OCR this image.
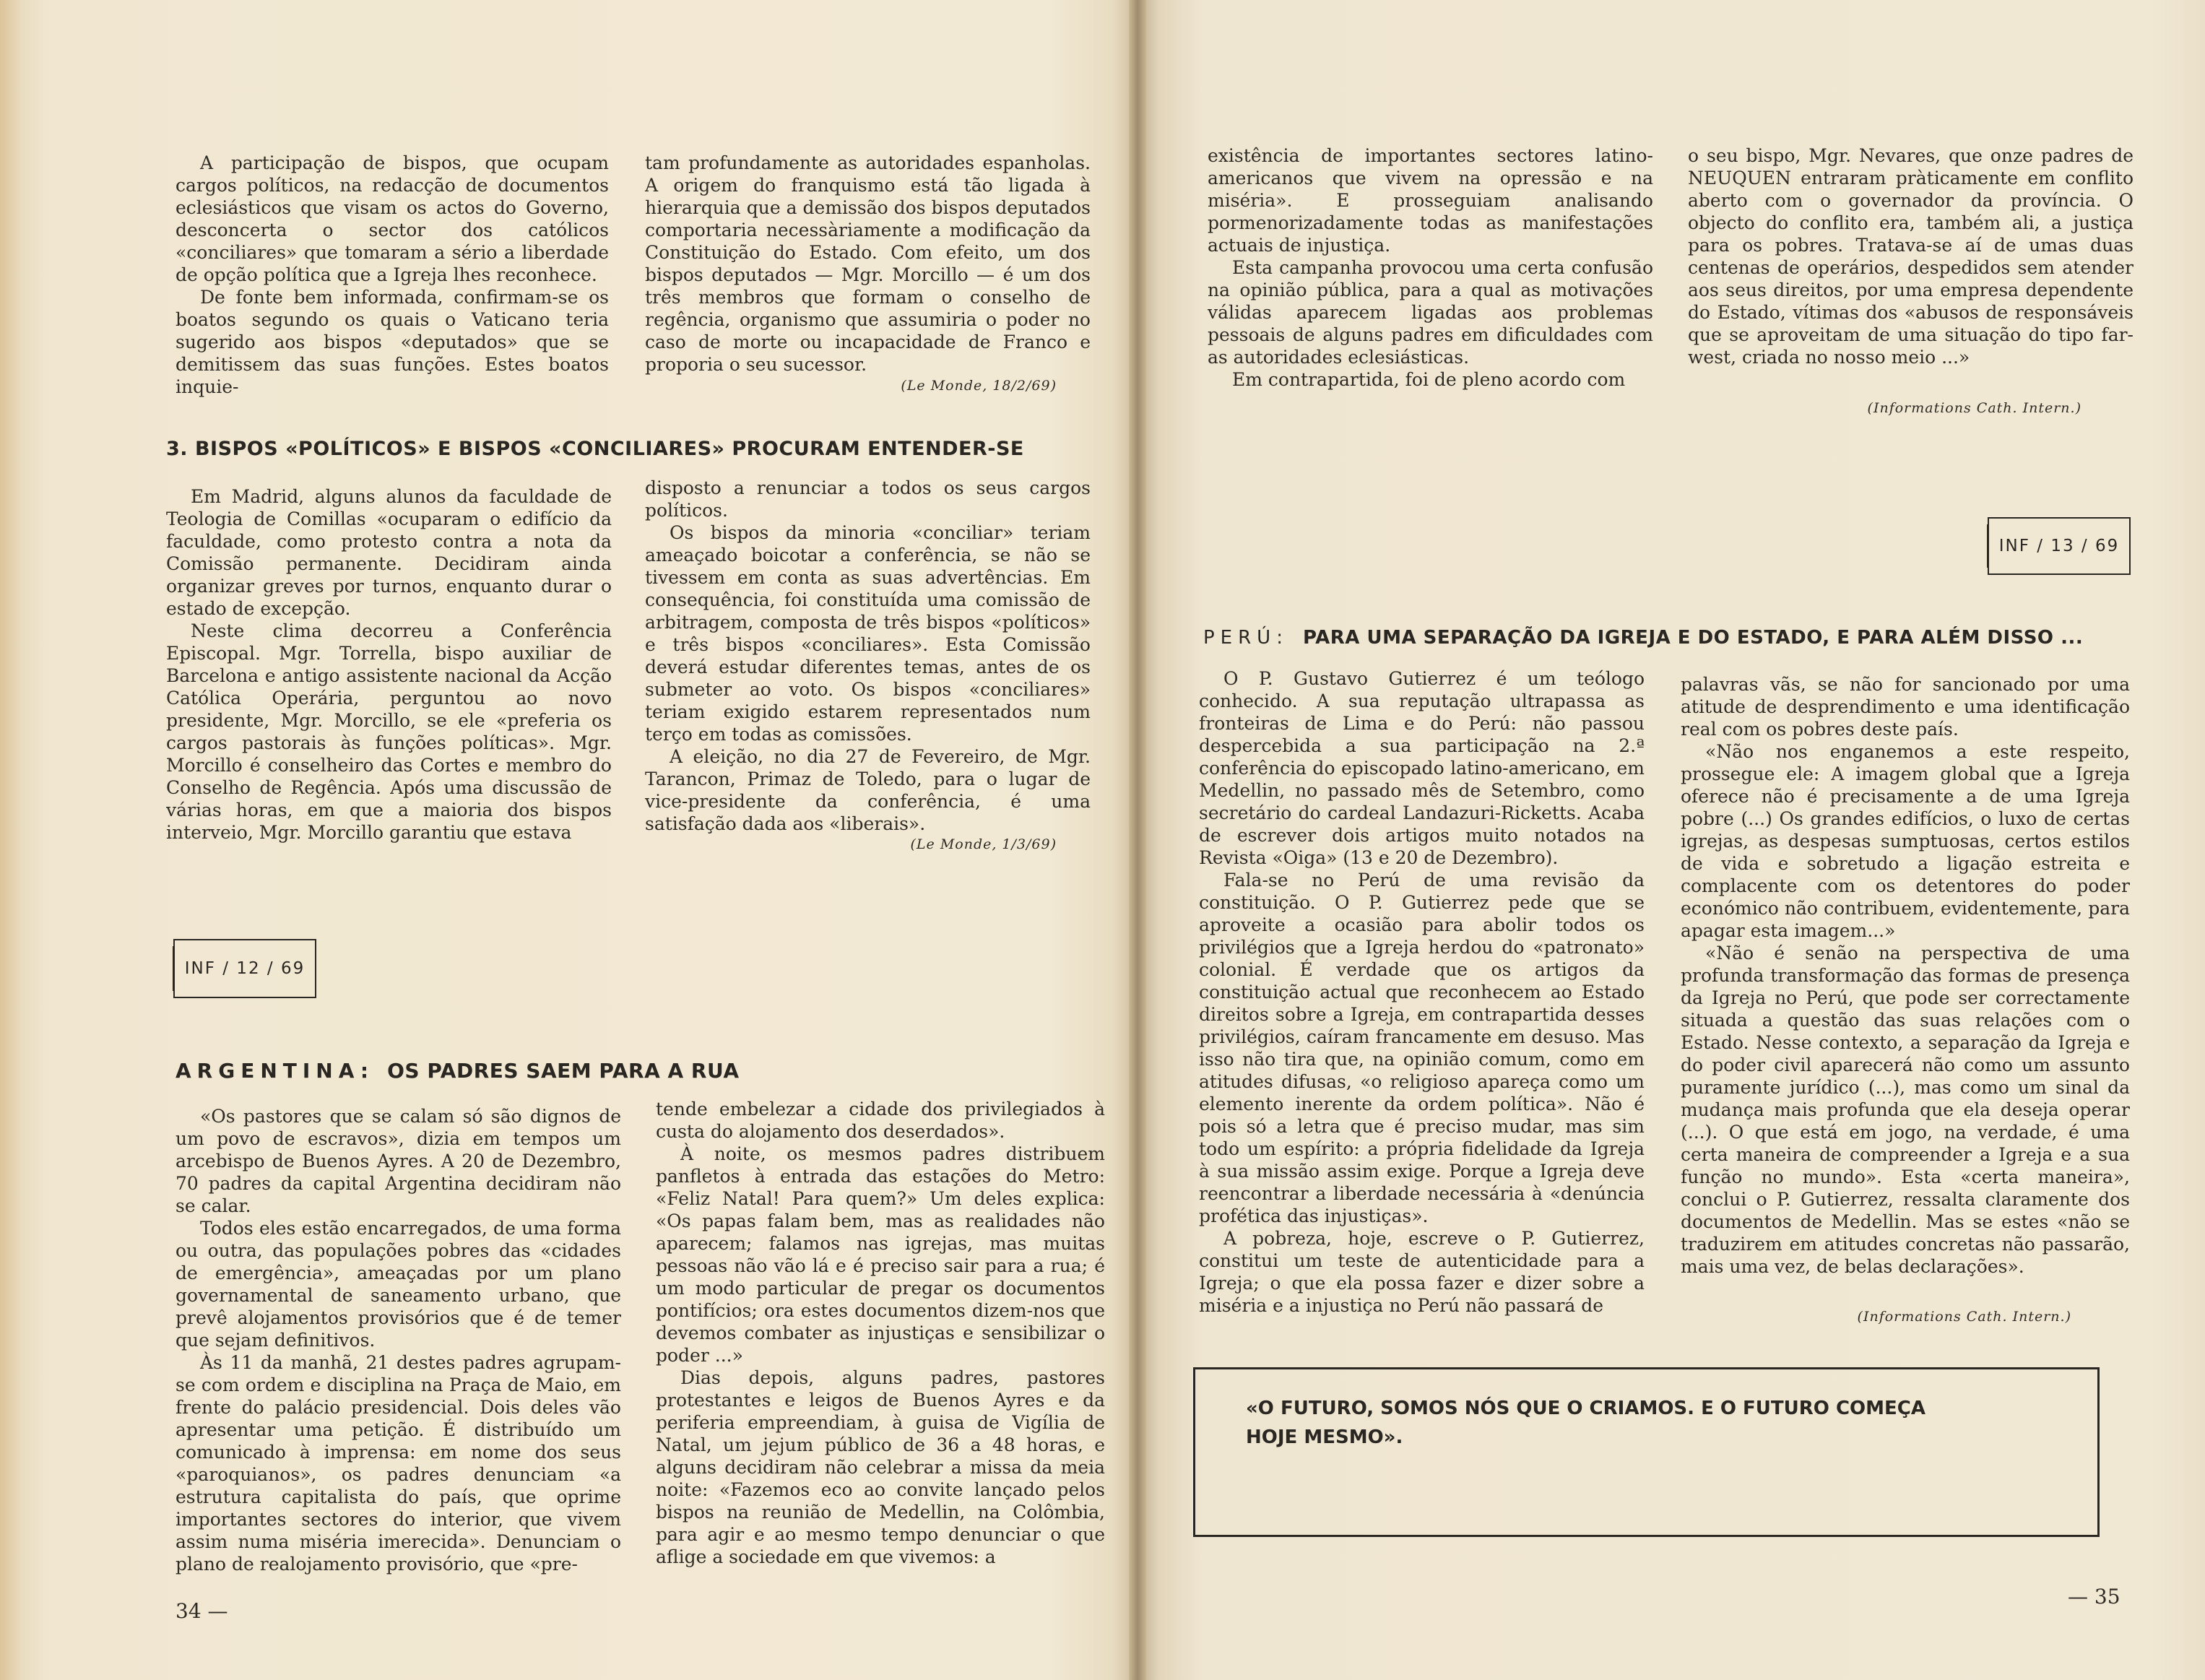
A participação de bispos, que ocupam cargos políticos, na redacção de documentos eclesiásticos que visam os actos do Governo, desconcerta o sector dos católicos «conciliares» que tomaram a sério a liberdade de opção política que a Igreja lhes reconhece.

De fonte bem informada, confirmam-se os boatos segundo os quais o Vaticano teria sugerido aos bispos «deputados» que se demitissem das suas funções. Estes boatos inquie-

tam profundamente as autoridades espanholas. A origem do franquismo está tão ligada à hierarquia que a demissão dos bispos deputados comportaria necessàriamente a modificação da Constituição do Estado. Com efeito, um dos bispos deputados — Mgr. Morcillo — é um dos três membros que formam o conselho de regência, organismo que assumiria o poder no caso de morte ou incapacidade de Franco e proporia o seu sucessor.

(Le Monde, 18/2/69)
3. BISPOS «POLÍTICOS» E BISPOS «CONCILIARES» PROCURAM ENTENDER-SE

Em Madrid, alguns alunos da faculdade de Teologia de Comillas «ocuparam o edifício da faculdade, como protesto contra a nota da Comissão permanente. Decidiram ainda organizar greves por turnos, enquanto durar o estado de excepção.

Neste clima decorreu a Conferência Episcopal. Mgr. Torrella, bispo auxiliar de Barcelona e antigo assistente nacional da Acção Católica Operária, perguntou ao novo presidente, Mgr. Morcillo, se ele «preferia os cargos pastorais às funções políticas». Mgr. Morcillo é conselheiro das Cortes e membro do Conselho de Regência. Após uma discussão de várias horas, em que a maioria dos bispos interveio, Mgr. Morcillo garantiu que estava

disposto a renunciar a todos os seus cargos políticos.

Os bispos da minoria «conciliar» teriam ameaçado boicotar a conferência, se não se tivessem em conta as suas advertências. Em consequência, foi constituída uma comissão de arbitragem, composta de três bispos «políticos» e três bispos «conciliares». Esta Comissão deverá estudar diferentes temas, antes de os submeter ao voto. Os bispos «conciliares» teriam exigido estarem representados num terço em todas as comissões.

A eleição, no dia 27 de Fevereiro, de Mgr. Tarancon, Primaz de Toledo, para o lugar de vice-presidente da conferência, é uma satisfação dada aos «liberais».

(Le Monde, 1/3/69)
INF / 12 / 69
ARGENTINA: OS PADRES SAEM PARA A RUA

«Os pastores que se calam só são dignos de um povo de escravos», dizia em tempos um arcebispo de Buenos Ayres. A 20 de Dezembro, 70 padres da capital Argentina decidiram não se calar.

Todos eles estão encarregados, de uma forma ou outra, das populações pobres das «cidades de emergência», ameaçadas por um plano governamental de saneamento urbano, que prevê alojamentos provisórios que é de temer que sejam definitivos.

Às 11 da manhã, 21 destes padres agrupam-se com ordem e disciplina na Praça de Maio, em frente do palácio presidencial. Dois deles vão apresentar uma petição. É distribuído um comunicado à imprensa: em nome dos seus «paroquianos», os padres denunciam «a estrutura capitalista do país, que oprime importantes sectores do interior, que vivem assim numa miséria imerecida». Denunciam o plano de realojamento provisório, que «pre-

tende embelezar a cidade dos privilegiados à custa do alojamento dos deserdados».

À noite, os mesmos padres distribuem panfletos à entrada das estações do Metro: «Feliz Natal! Para quem?» Um deles explica: «Os papas falam bem, mas as realidades não aparecem; falamos nas igrejas, mas muitas pessoas não vão lá e é preciso sair para a rua; é um modo particular de pregar os documentos pontifícios; ora estes documentos dizem-nos que devemos combater as injustiças e sensibilizar o poder ...»

Dias depois, alguns padres, pastores protestantes e leigos de Buenos Ayres e da periferia empreendiam, à guisa de Vigília de Natal, um jejum público de 36 a 48 horas, e alguns decidiram não celebrar a missa da meia noite: «Fazemos eco ao convite lançado pelos bispos na reunião de Medellin, na Colômbia, para agir e ao mesmo tempo denunciar o que aflige a sociedade em que vivemos: a

34 —

existência de importantes sectores latino-americanos que vivem na opressão e na miséria». E prosseguiam analisando pormenorizadamente todas as manifestações actuais de injustiça.

Esta campanha provocou uma certa confusão na opinião pública, para a qual as motivações válidas aparecem ligadas aos problemas pessoais de alguns padres em dificuldades com as autoridades eclesiásticas.

Em contrapartida, foi de pleno acordo com

o seu bispo, Mgr. Nevares, que onze padres de NEUQUEN entraram pràticamente em conflito aberto com o governador da província. O objecto do conflito era, também ali, a justiça para os pobres. Tratava-se aí de umas duas centenas de operários, despedidos sem atender aos seus direitos, por uma empresa dependente do Estado, vítimas dos «abusos de responsáveis que se aproveitam de uma situação do tipo far-west, criada no nosso meio ...»

(Informations Cath. Intern.)
INF / 13 / 69
PERÚ: PARA UMA SEPARAÇÃO DA IGREJA E DO ESTADO, E PARA ALÉM DISSO ...

O P. Gustavo Gutierrez é um teólogo conhecido. A sua reputação ultrapassa as fronteiras de Lima e do Perú: não passou despercebida a sua participação na 2.ª conferência do episcopado latino-americano, em Medellin, no passado mês de Setembro, como secretário do cardeal Landazuri-Ricketts. Acaba de escrever dois artigos muito notados na Revista «Oiga» (13 e 20 de Dezembro).

Fala-se no Perú de uma revisão da constituição. O P. Gutierrez pede que se aproveite a ocasião para abolir todos os privilégios que a Igreja herdou do «patronato» colonial. É verdade que os artigos da constituição actual que reconhecem ao Estado direitos sobre a Igreja, em contrapartida desses privilégios, caíram francamente em desuso. Mas isso não tira que, na opinião comum, como em atitudes difusas, «o religioso apareça como um elemento inerente da ordem política». Não é pois só a letra que é preciso mudar, mas sim todo um espírito: a própria fidelidade da Igreja à sua missão assim exige. Porque a Igreja deve reencontrar a liberdade necessária à «denúncia profética das injustiças».

A pobreza, hoje, escreve o P. Gutierrez, constitui um teste de autenticidade para a Igreja; o que ela possa fazer e dizer sobre a miséria e a injustiça no Perú não passará de

palavras vãs, se não for sancionado por uma atitude de desprendimento e uma identificação real com os pobres deste país.

«Não nos enganemos a este respeito, prossegue ele: A imagem global que a Igreja oferece não é precisamente a de uma Igreja pobre (...) Os grandes edifícios, o luxo de certas igrejas, as despesas sumptuosas, certos estilos de vida e sobretudo a ligação estreita e complacente com os detentores do poder económico não contribuem, evidentemente, para apagar esta imagem...»

«Não é senão na perspectiva de uma profunda transformação das formas de presença da Igreja no Perú, que pode ser correctamente situada a questão das suas relações com o Estado. Nesse contexto, a separação da Igreja e do poder civil aparecerá não como um assunto puramente jurídico (...), mas como um sinal da mudança mais profunda que ela deseja operar (...). O que está em jogo, na verdade, é uma certa maneira de compreender a Igreja e a sua função no mundo». Esta «certa maneira», conclui o P. Gutierrez, ressalta claramente dos documentos de Medellin. Mas se estes «não se traduzirem em atitudes concretas não passarão, mais uma vez, de belas declarações».

(Informations Cath. Intern.)
«O FUTURO, SOMOS NÓS QUE O CRIAMOS. E O FUTURO COMEÇA
HOJE MESMO».
— 35
